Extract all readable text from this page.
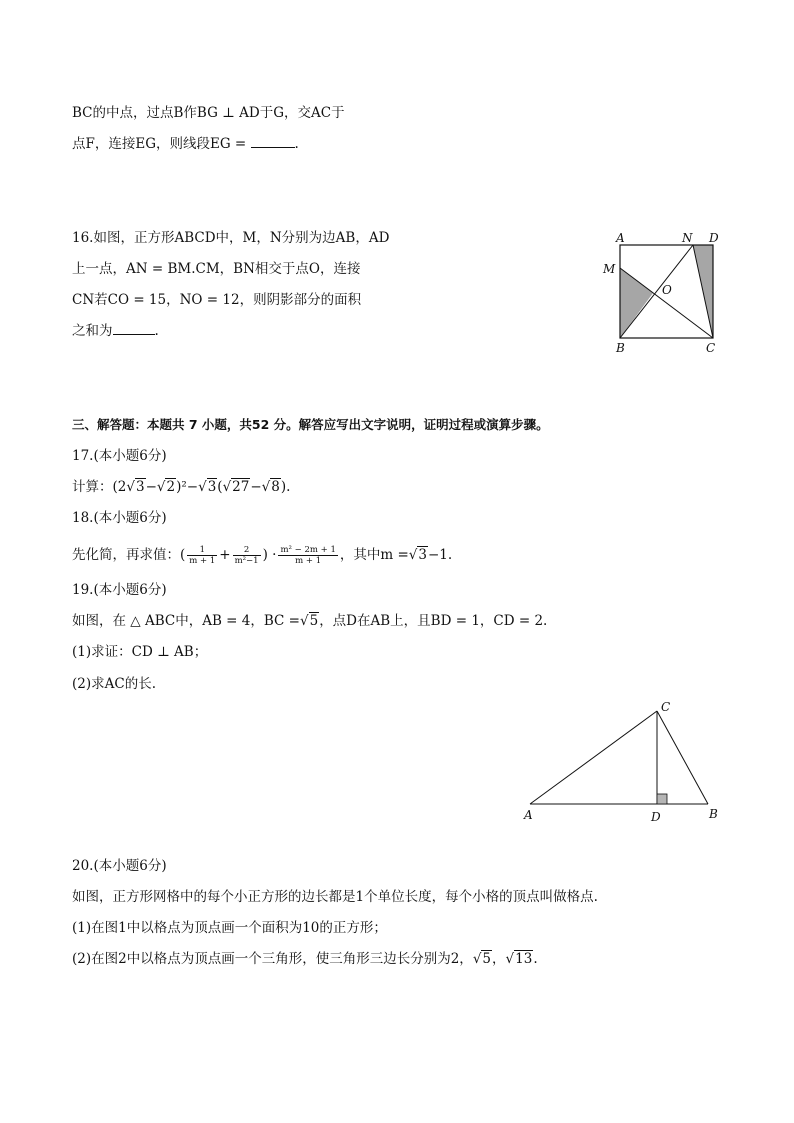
BC的中点，过点B作BG ⊥ AD于G，交AC于
点F，连接EG，则线段EG =	.
16.如图，正方形ABCD中，M，N分别为边AB，AD
上一点，AN = BM.CM，BN相交于点O，连接
CN若CO = 15，NO = 12，则阴影部分的面积
之和为	.
A	N D
M
O
B	C
三、解答题：本题共 7 小题，共52 分。解答应写出文字说明，证明过程或演算步骤。
17.(本小题6分)
计算：(2√3−√2)²−√3(√27−√8).
18.(本小题6分)
先化简，再求值：( $\frac{1}{m + 1} + \frac{2}{\text{m²−1}}$ ) · $\frac{\text{m² − 2m + 1}}{m + 1}$ ，其中m =√3−1.
19.(本小题6分)
如图，在 △ ABC中，AB = 4，BC =√5，点D在AB上，且BD = 1，CD = 2.
(1)求证：CD ⊥ AB；
(2)求AC的长.
C
A	D	B
20.(本小题6分)
如图，正方形网格中的每个小正方形的边长都是1个单位长度，每个小格的顶点叫做格点.
(1)在图1中以格点为顶点画一个面积为10的正方形；
(2)在图2中以格点为顶点画一个三角形，使三角形三边长分别为2，√5，√13.
